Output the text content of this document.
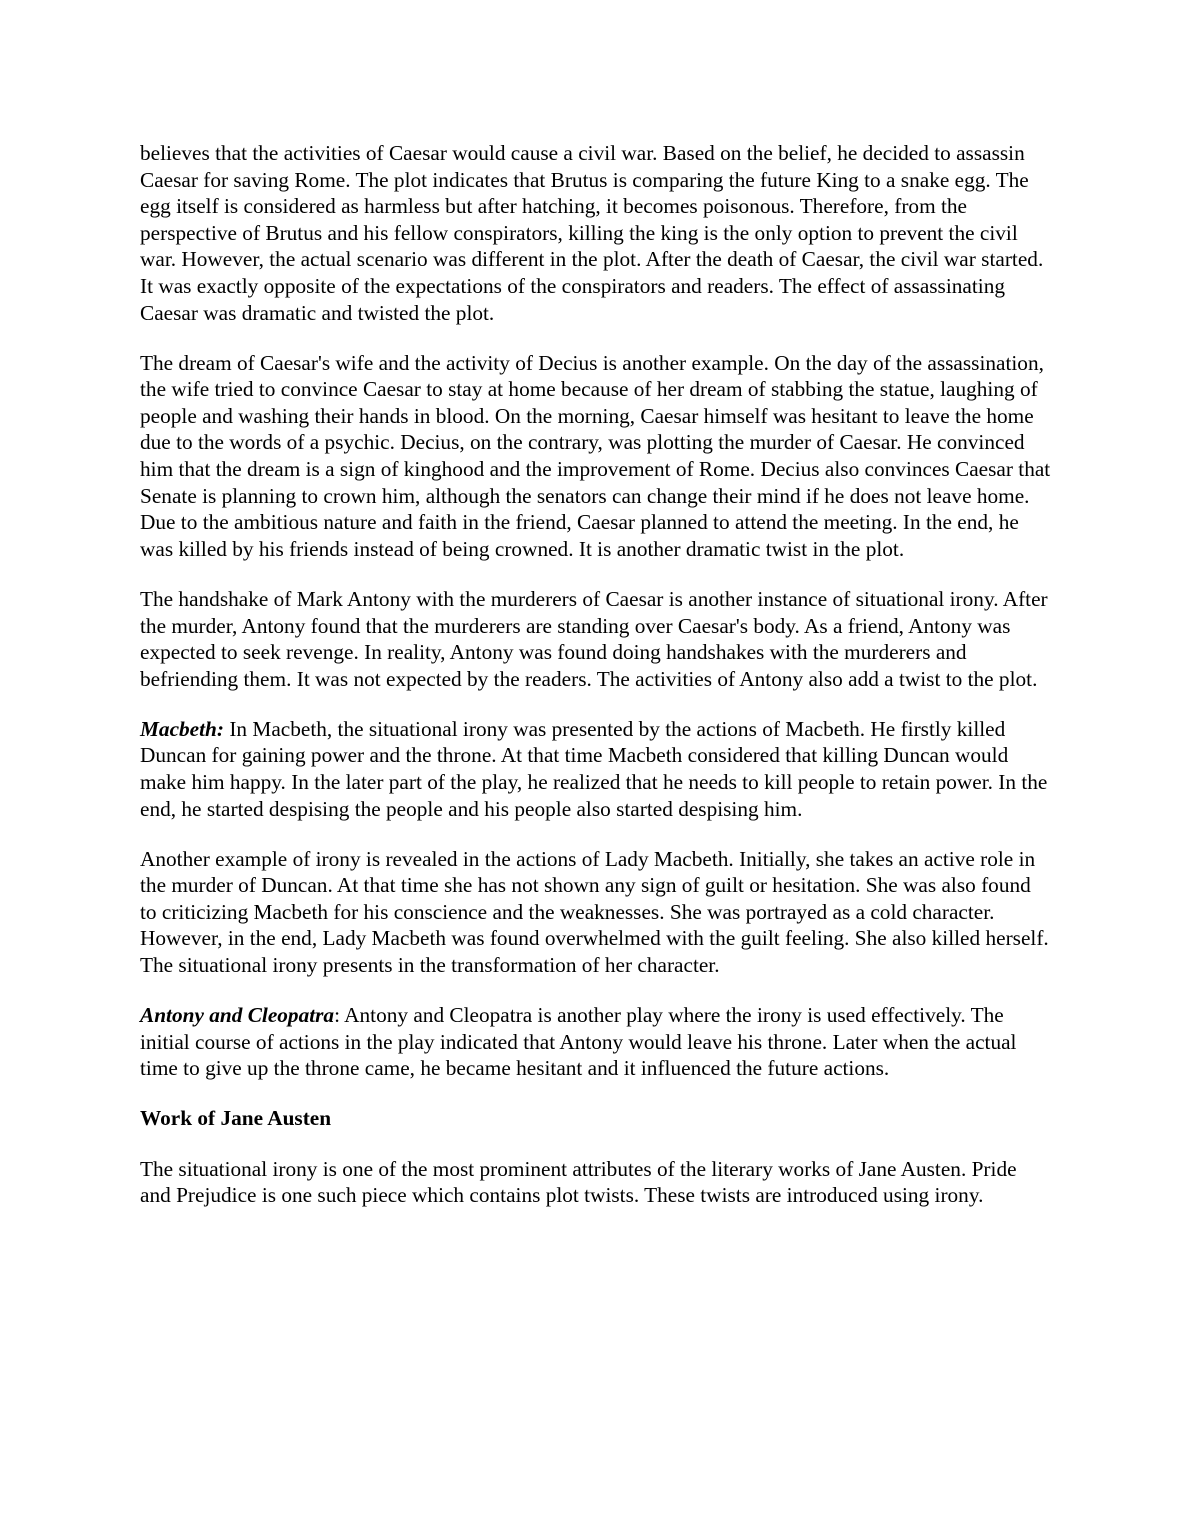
believes that the activities of Caesar would cause a civil war. Based on the belief, he decided to assassin Caesar for saving Rome. The plot indicates that Brutus is comparing the future King to a snake egg. The egg itself is considered as harmless but after hatching, it becomes poisonous. Therefore, from the perspective of Brutus and his fellow conspirators, killing the king is the only option to prevent the civil war. However, the actual scenario was different in the plot. After the death of Caesar, the civil war started. It was exactly opposite of the expectations of the conspirators and readers. The effect of assassinating Caesar was dramatic and twisted the plot.

The dream of Caesar's wife and the activity of Decius is another example. On the day of the assassination, the wife tried to convince Caesar to stay at home because of her dream of stabbing the statue, laughing of people and washing their hands in blood. On the morning, Caesar himself was hesitant to leave the home due to the words of a psychic. Decius, on the contrary, was plotting the murder of Caesar. He convinced him that the dream is a sign of kinghood and the improvement of Rome. Decius also convinces Caesar that Senate is planning to crown him, although the senators can change their mind if he does not leave home. Due to the ambitious nature and faith in the friend, Caesar planned to attend the meeting. In the end, he was killed by his friends instead of being crowned. It is another dramatic twist in the plot.

The handshake of Mark Antony with the murderers of Caesar is another instance of situational irony. After the murder, Antony found that the murderers are standing over Caesar's body. As a friend, Antony was expected to seek revenge. In reality, Antony was found doing handshakes with the murderers and befriending them. It was not expected by the readers. The activities of Antony also add a twist to the plot.

Macbeth: In Macbeth, the situational irony was presented by the actions of Macbeth. He firstly killed Duncan for gaining power and the throne. At that time Macbeth considered that killing Duncan would make him happy. In the later part of the play, he realized that he needs to kill people to retain power. In the end, he started despising the people and his people also started despising him.

Another example of irony is revealed in the actions of Lady Macbeth. Initially, she takes an active role in the murder of Duncan. At that time she has not shown any sign of guilt or hesitation. She was also found to criticizing Macbeth for his conscience and the weaknesses. She was portrayed as a cold character. However, in the end, Lady Macbeth was found overwhelmed with the guilt feeling. She also killed herself. The situational irony presents in the transformation of her character.

Antony and Cleopatra: Antony and Cleopatra is another play where the irony is used effectively. The initial course of actions in the play indicated that Antony would leave his throne. Later when the actual time to give up the throne came, he became hesitant and it influenced the future actions.

Work of Jane Austen

The situational irony is one of the most prominent attributes of the literary works of Jane Austen. Pride and Prejudice is one such piece which contains plot twists. These twists are introduced using irony.
